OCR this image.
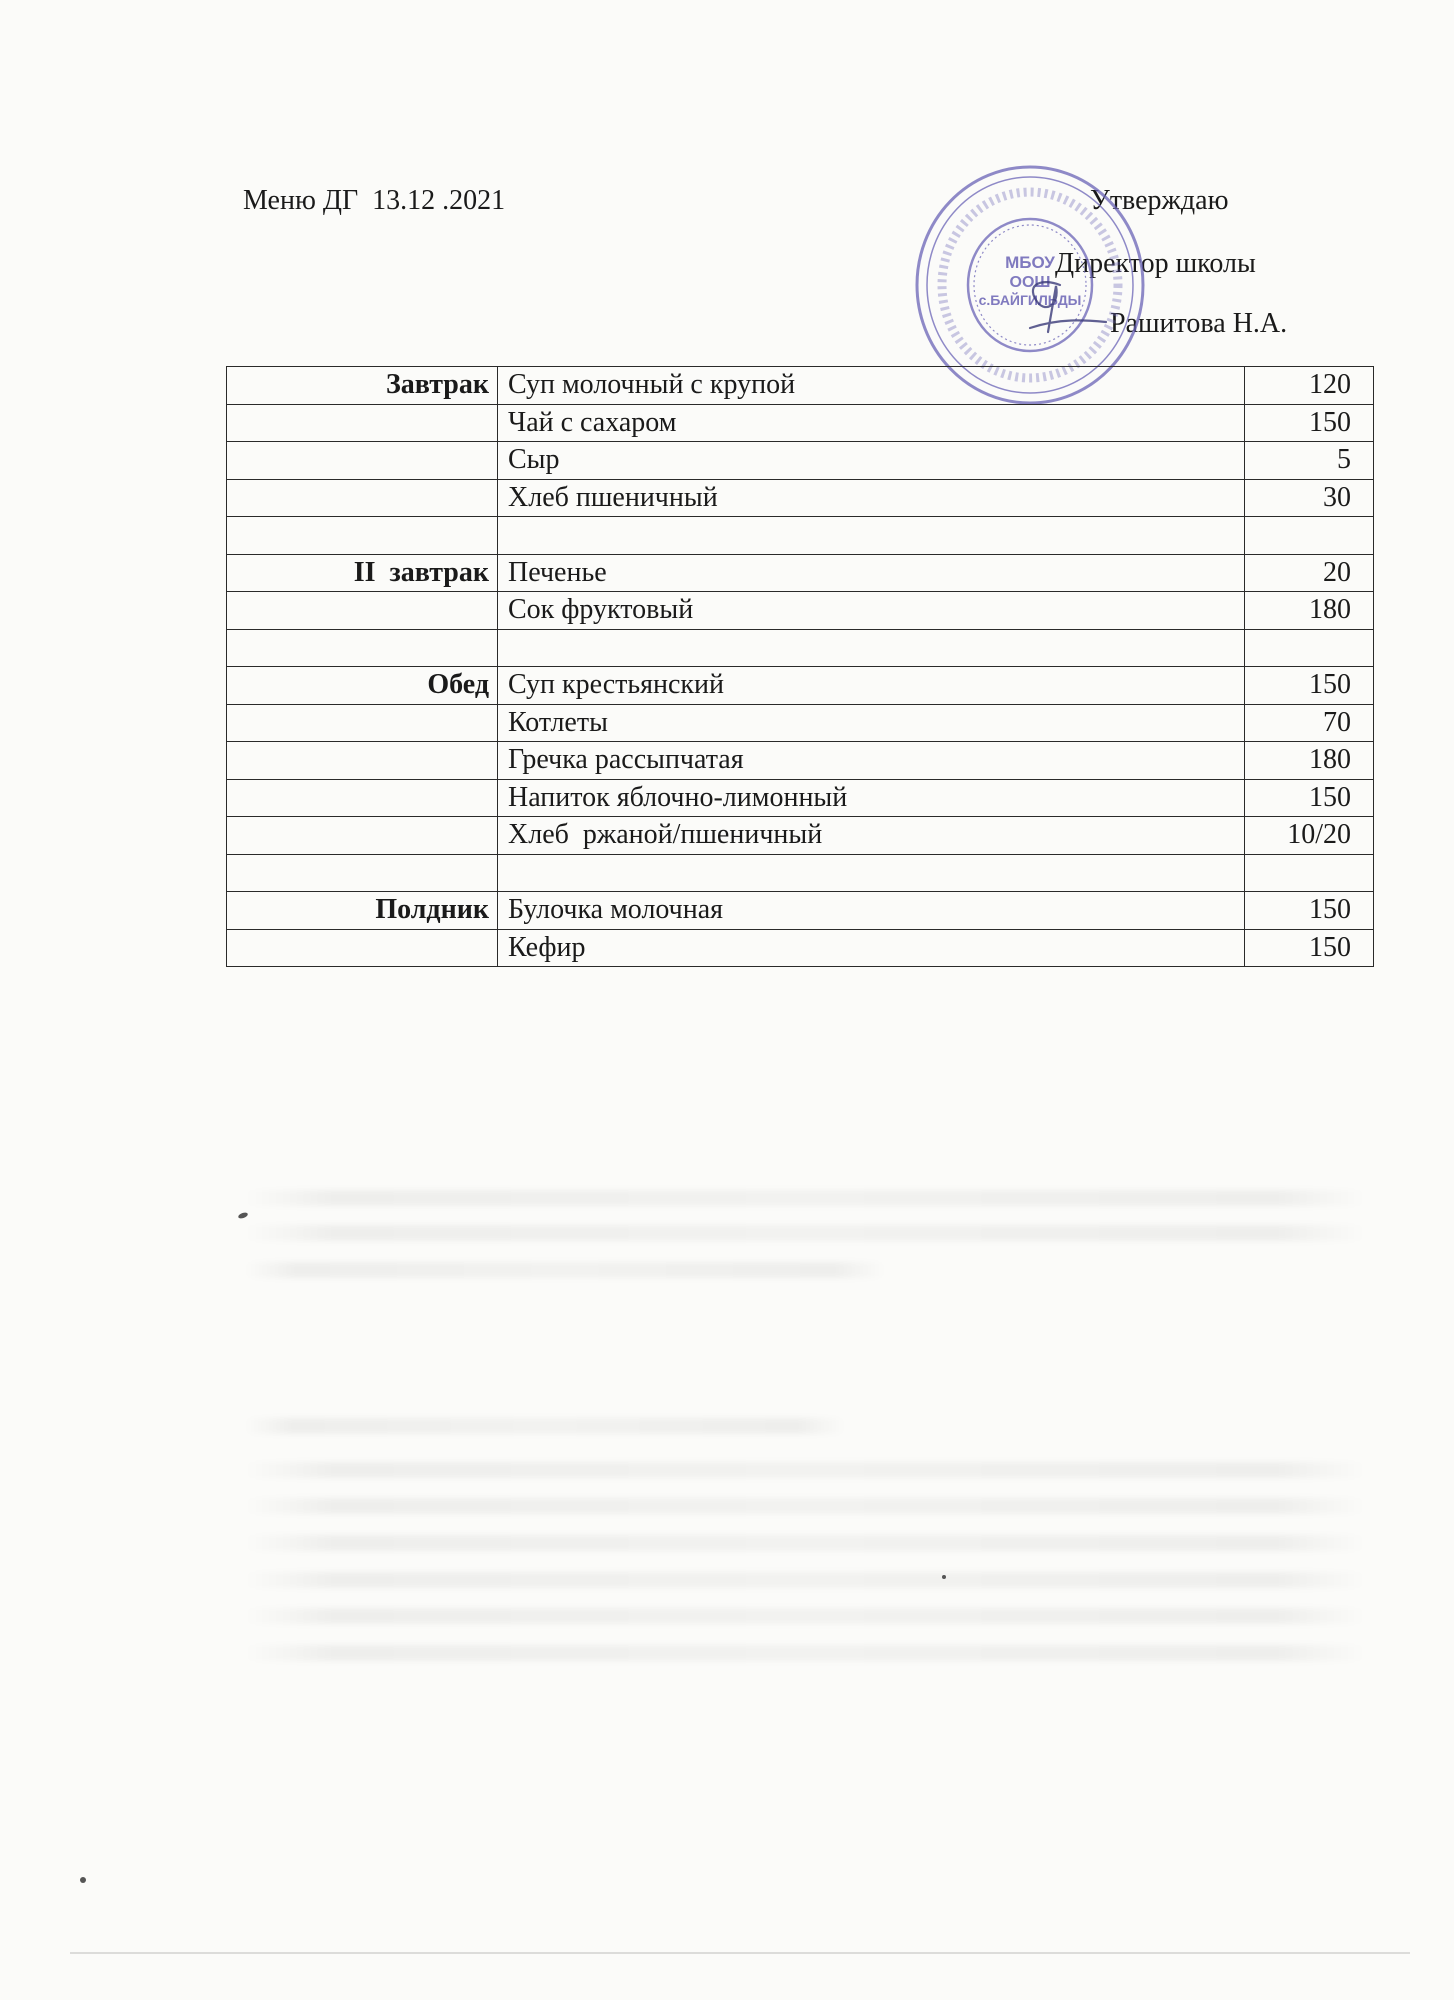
Меню ДГ  13.12 .2021	Утверждаю
Директор школы
Рашитова Н.А.
МБОУ
ООШ
с.БАЙГИЛЬДЫ
Завтрак	Суп молочный с крупой	120
	Чай с сахаром	150
	Сыр	5
	Хлеб пшеничный	30

II  завтрак	Печенье	20
	Сок фруктовый	180

Обед	Суп крестьянский	150
	Котлеты	70
	Гречка рассыпчатая	180
	Напиток яблочно-лимонный	150
	Хлеб  ржаной/пшеничный	10/20

Полдник	Булочка молочная	150
	Кефир	150
